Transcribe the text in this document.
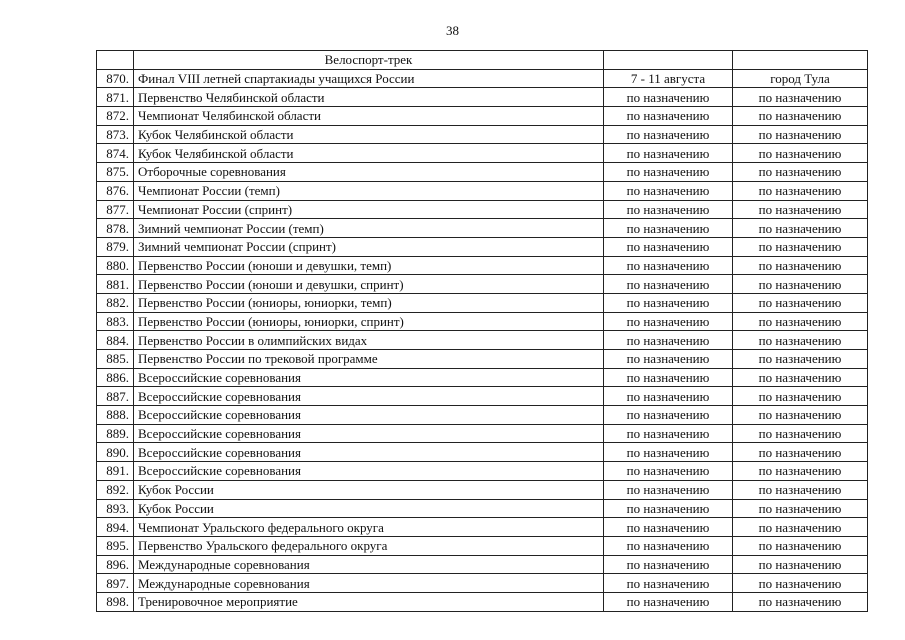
38
	Велоспорт-трек		
870.	Финал VIII летней спартакиады учащихся России	7 - 11 августа	город Тула
871.	Первенство Челябинской области	по назначению	по назначению
872.	Чемпионат Челябинской области	по назначению	по назначению
873.	Кубок Челябинской области	по назначению	по назначению
874.	Кубок Челябинской области	по назначению	по назначению
875.	Отборочные соревнования	по назначению	по назначению
876.	Чемпионат России (темп)	по назначению	по назначению
877.	Чемпионат России (спринт)	по назначению	по назначению
878.	Зимний чемпионат России (темп)	по назначению	по назначению
879.	Зимний чемпионат России (спринт)	по назначению	по назначению
880.	Первенство России (юноши и девушки, темп)	по назначению	по назначению
881.	Первенство России (юноши и девушки, спринт)	по назначению	по назначению
882.	Первенство России (юниоры, юниорки, темп)	по назначению	по назначению
883.	Первенство России (юниоры, юниорки, спринт)	по назначению	по назначению
884.	Первенство России в олимпийских видах	по назначению	по назначению
885.	Первенство России по трековой программе	по назначению	по назначению
886.	Всероссийские соревнования	по назначению	по назначению
887.	Всероссийские соревнования	по назначению	по назначению
888.	Всероссийские соревнования	по назначению	по назначению
889.	Всероссийские соревнования	по назначению	по назначению
890.	Всероссийские соревнования	по назначению	по назначению
891.	Всероссийские соревнования	по назначению	по назначению
892.	Кубок России	по назначению	по назначению
893.	Кубок России	по назначению	по назначению
894.	Чемпионат Уральского федерального округа	по назначению	по назначению
895.	Первенство Уральского федерального округа	по назначению	по назначению
896.	Международные соревнования	по назначению	по назначению
897.	Международные соревнования	по назначению	по назначению
898.	Тренировочное мероприятие	по назначению	по назначению
